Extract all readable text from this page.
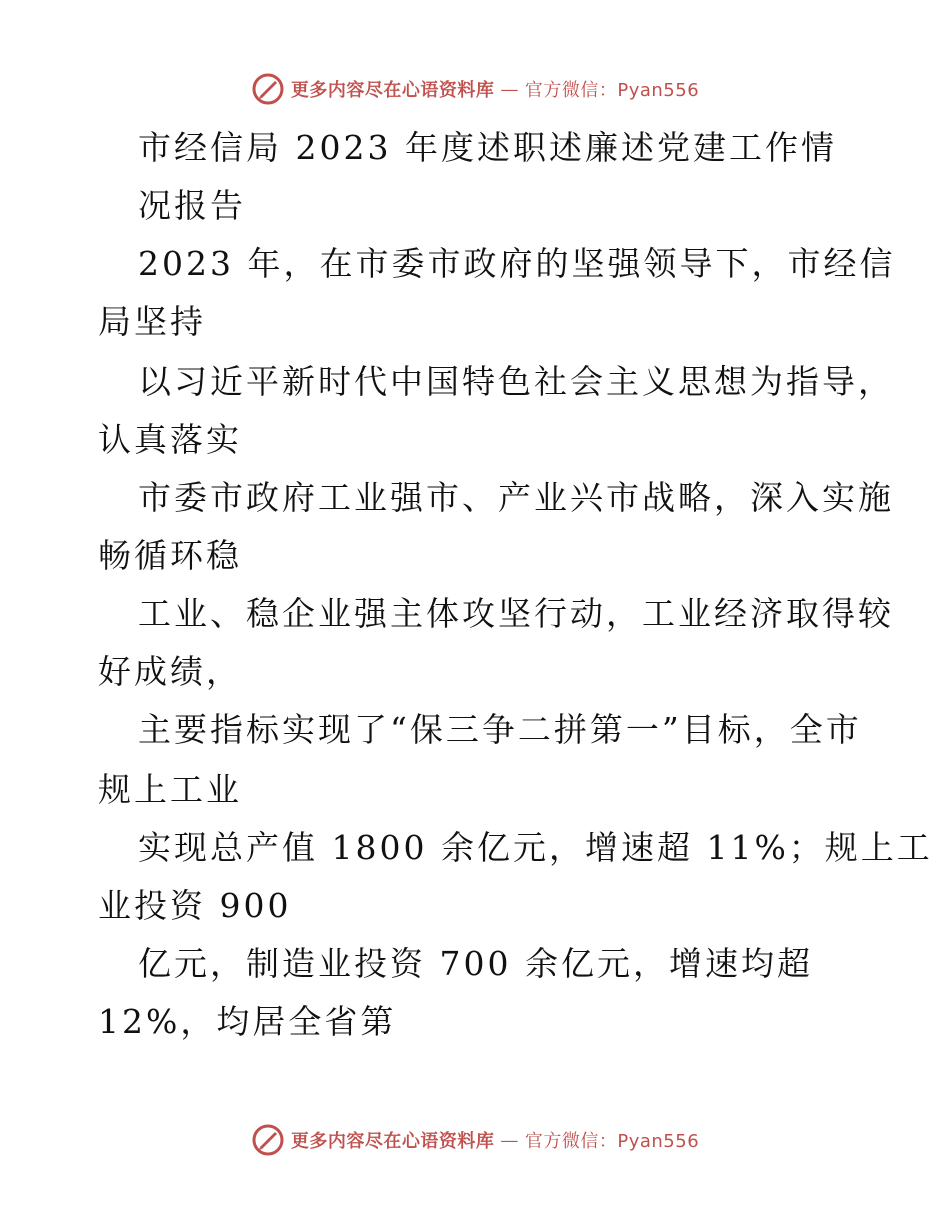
更多内容尽在心语资料库 — 官方微信：Pyan556
市经信局 2023 年度述职述廉述党建工作情
况报告
2023 年，在市委市政府的坚强领导下，市经信
局坚持
以习近平新时代中国特色社会主义思想为指导，
认真落实
市委市政府工业强市、产业兴市战略，深入实施
畅循环稳
工业、稳企业强主体攻坚行动，工业经济取得较
好成绩，
主要指标实现了“保三争二拼第一”目标，全市
规上工业
实现总产值 1800 余亿元，增速超 11%；规上工
业投资 900
亿元，制造业投资 700 余亿元，增速均超
12%，均居全省第
更多内容尽在心语资料库 — 官方微信：Pyan556
